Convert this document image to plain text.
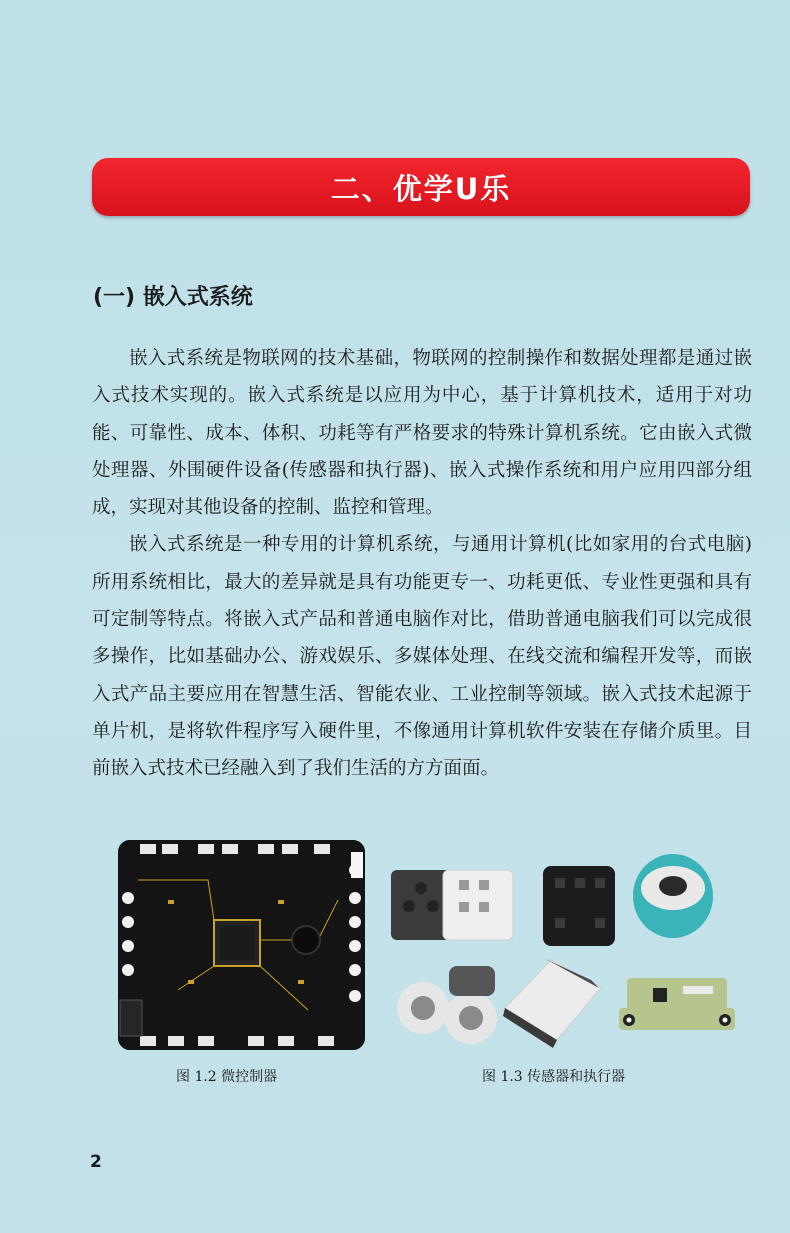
二、优学U乐
(一) 嵌入式系统

嵌入式系统是物联网的技术基础，物联网的控制操作和数据处理都是通过嵌入式技术实现的。嵌入式系统是以应用为中心，基于计算机技术，适用于对功能、可靠性、成本、体积、功耗等有严格要求的特殊计算机系统。它由嵌入式微处理器、外围硬件设备(传感器和执行器)、嵌入式操作系统和用户应用四部分组成，实现对其他设备的控制、监控和管理。

嵌入式系统是一种专用的计算机系统，与通用计算机(比如家用的台式电脑)所用系统相比，最大的差异就是具有功能更专一、功耗更低、专业性更强和具有可定制等特点。将嵌入式产品和普通电脑作对比，借助普通电脑我们可以完成很多操作，比如基础办公、游戏娱乐、多媒体处理、在线交流和编程开发等，而嵌入式产品主要应用在智慧生活、智能农业、工业控制等领域。嵌入式技术起源于单片机，是将软件程序写入硬件里，不像通用计算机软件安装在存储介质里。目前嵌入式技术已经融入到了我们生活的方方面面。

图 1.2 微控制器	图 1.3 传感器和执行器
2
